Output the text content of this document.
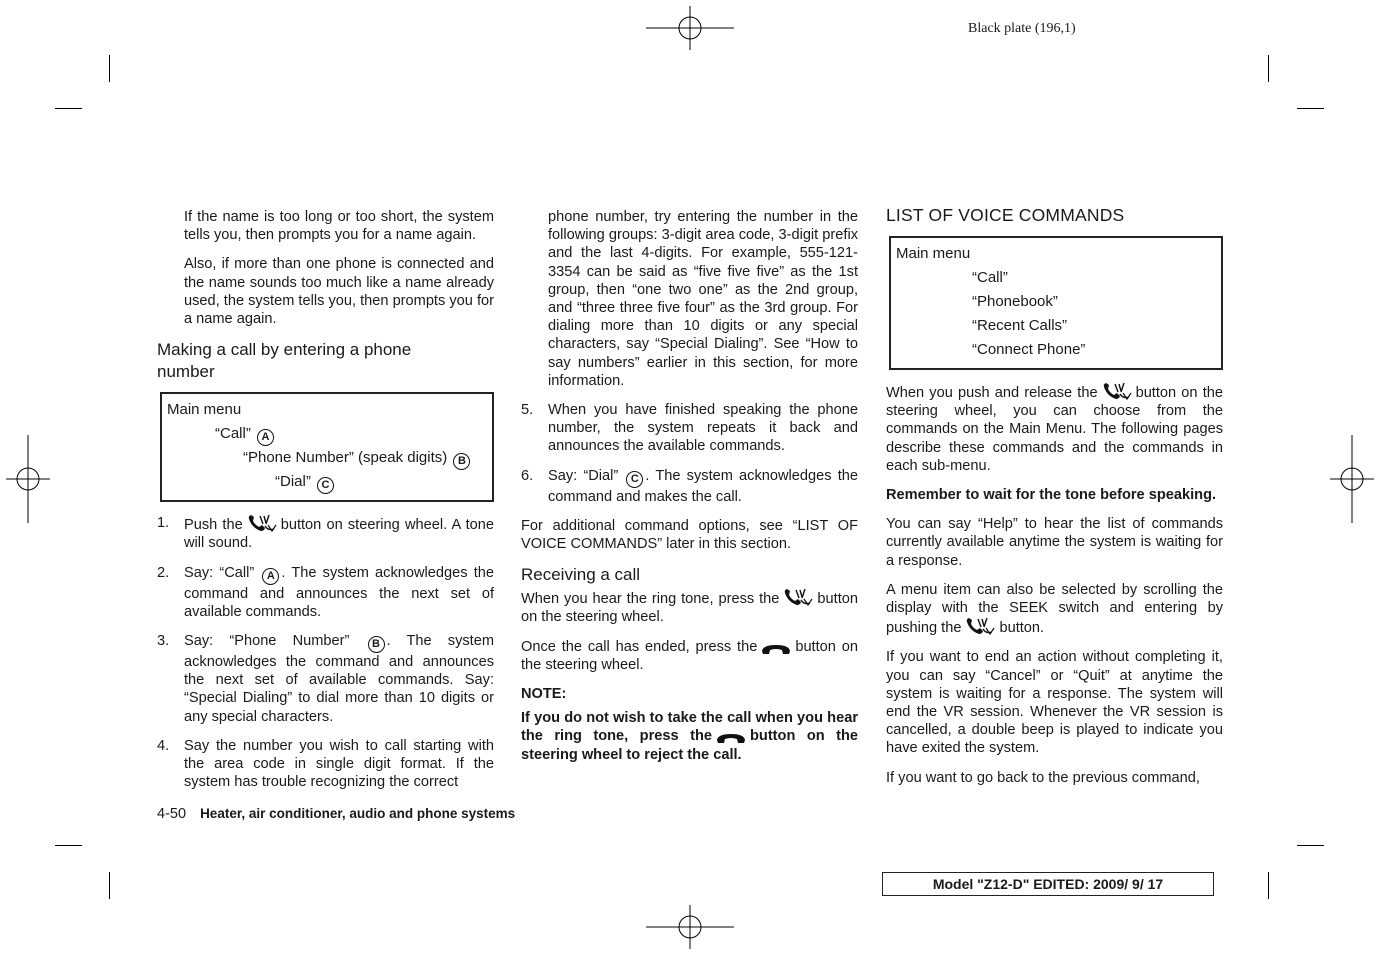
Black plate (196,1)

If the name is too long or too short, the system tells you, then prompts you for a name again.

Also, if more than one phone is connected and the name sounds too much like a name already used, the system tells you, then prompts you for a name again.

Making a call by entering a phone number
Main menu
“Call” A
“Phone Number” (speak digits) B
“Dial” C
1. Push the	button on steering wheel. A tone will sound.
2. Say: “Call” A . The system acknowledges the command and announces the next set of available commands.
3. Say: “Phone Number” B . The system acknowledges the command and announces the next set of available commands. Say: “Special Dialing” to dial more than 10 digits or any special characters.
4. Say the number you wish to call starting with the area code in single digit format. If the system has trouble recognizing the correct

phone number, try entering the number in the following groups: 3-digit area code, 3-digit prefix and the last 4-digits. For example, 555-121-3354 can be said as “five five five” as the 1st group, then “one two one” as the 2nd group, and “three three five four” as the 3rd group. For dialing more than 10 digits or any special characters, say “Special Dialing”. See “How to say numbers” earlier in this section, for more information.

5. When you have finished speaking the phone number, the system repeats it back and announces the available commands.
6. Say: “Dial” C . The system acknowledges the command and makes the call.

For additional command options, see “LIST OF VOICE COMMANDS” later in this section.

Receiving a call

When you hear the ring tone, press the	button on the steering wheel.

Once the call has ended, press the	button on the steering wheel.

NOTE:

If you do not wish to take the call when you hear the ring tone, press the	button on the steering wheel to reject the call.

LIST OF VOICE COMMANDS
Main menu
“Call”
“Phonebook”
“Recent Calls”
“Connect Phone”

When you push and release the	button on the steering wheel, you can choose from the commands on the Main Menu. The following pages describe these commands and the commands in each sub-menu.

Remember to wait for the tone before speaking.

You can say “Help” to hear the list of commands currently available anytime the system is waiting for a response.

A menu item can also be selected by scrolling the display with the SEEK switch and entering by pushing the	button.

If you want to end an action without completing it, you can say “Cancel” or “Quit” at anytime the system is waiting for a response. The system will end the VR session. Whenever the VR session is cancelled, a double beep is played to indicate you have exited the system.

If you want to go back to the previous command,

4-50 Heater, air conditioner, audio and phone systems
Model "Z12-D" EDITED: 2009/ 9/ 17
